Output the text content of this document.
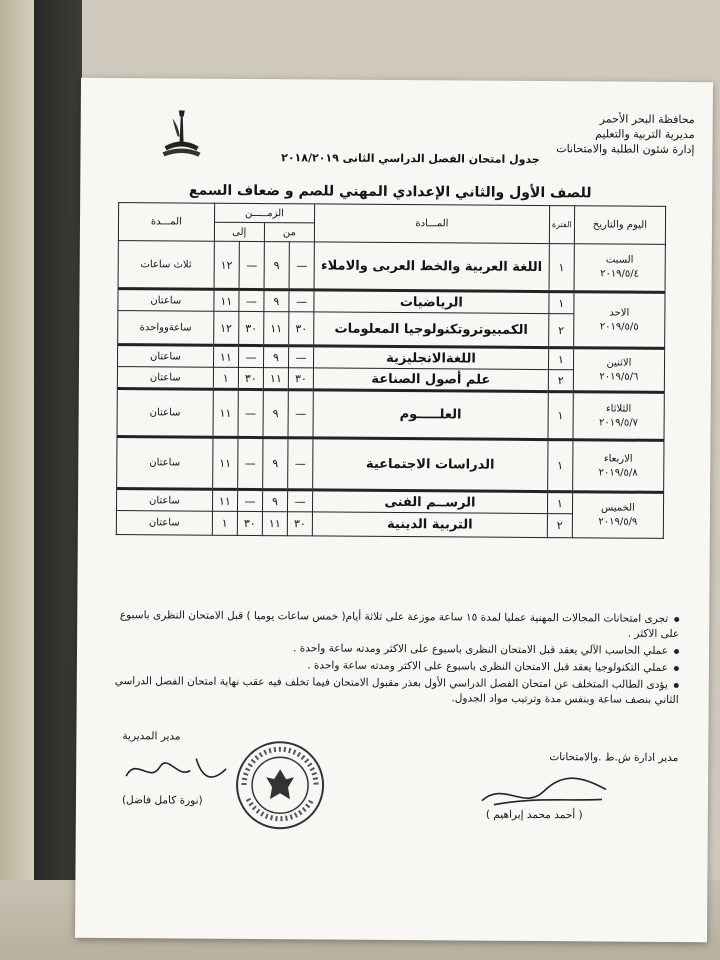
محافظة البحر الأحمر
مديرية التربية والتعليم
إدارة شئون الطلبة والامتحانات
جدول امتحان الفصل الدراسي الثانى ٢٠١٨/٢٠١٩
للصف الأول والثاني الإعدادي المهني للصم و ضعاف السمع
اليوم والتاريخ	الفترة	المـــادة	الزمـــــن				المـــدة
			من		إلى		

السبت
٢٠١٩/٥/٤	١	اللغة العربية والخط العربى والاملاء	—	٩	—	١٢	ثلاث ساعات

الاحد
٢٠١٩/٥/٥	١	الرياضيات	—	٩	—	١١	ساعتان
	٢	الكمبيوتروتكنولوجيا المعلومات	٣٠	١١	٣٠	١٢	ساعةوواحدة

الاثنين
٢٠١٩/٥/٦	١	اللغةالانجليزية	—	٩	—	١١	ساعتان
	٢	علم أصول الصناعة	٣٠	١١	٣٠	١	ساعتان

الثلاثاء
٢٠١٩/٥/٧	١	العلـــــوم	—	٩	—	١١	ساعتان

الاربعاء
٢٠١٩/٥/٨	١	الدراسات الاجتماعية	—	٩	—	١١	ساعتان

الخميس
٢٠١٩/٥/٩	١	الرســم الفنى	—	٩	—	١١	ساعتان
	٢	التربية الدينية	٣٠	١١	٣٠	١	ساعتان
تجرى امتحانات المجالات المهنية عمليا لمدة ١٥ ساعة موزعة على ثلاثة أيام( خمس ساعات يوميا ) قبل الامتحان النظرى باسبوع على الاكثر .
عملي الحاسب الآلي يعقد قبل الامتحان النظرى باسبوع على الاكثر ومدته ساعة واحدة .
عملي التكنولوجيا يعقد قبل الامتحان النظرى باسبوع على الاكثر ومدته ساعة واحدة .
يؤدى الطالب المتخلف عن امتحان الفصل الدراسي الأول بعذر مقبول الامتحان فيما تخلف فيه عقب نهاية امتحان الفصل الدراسي الثاني بنصف ساعة وبنفس مدة وترتيب مواد الجدول.
مدير ادارة ش.ط .والامتحانات
( أحمد محمد إبراهيم )
مدير المديرية
(نورة كامل فاضل)
